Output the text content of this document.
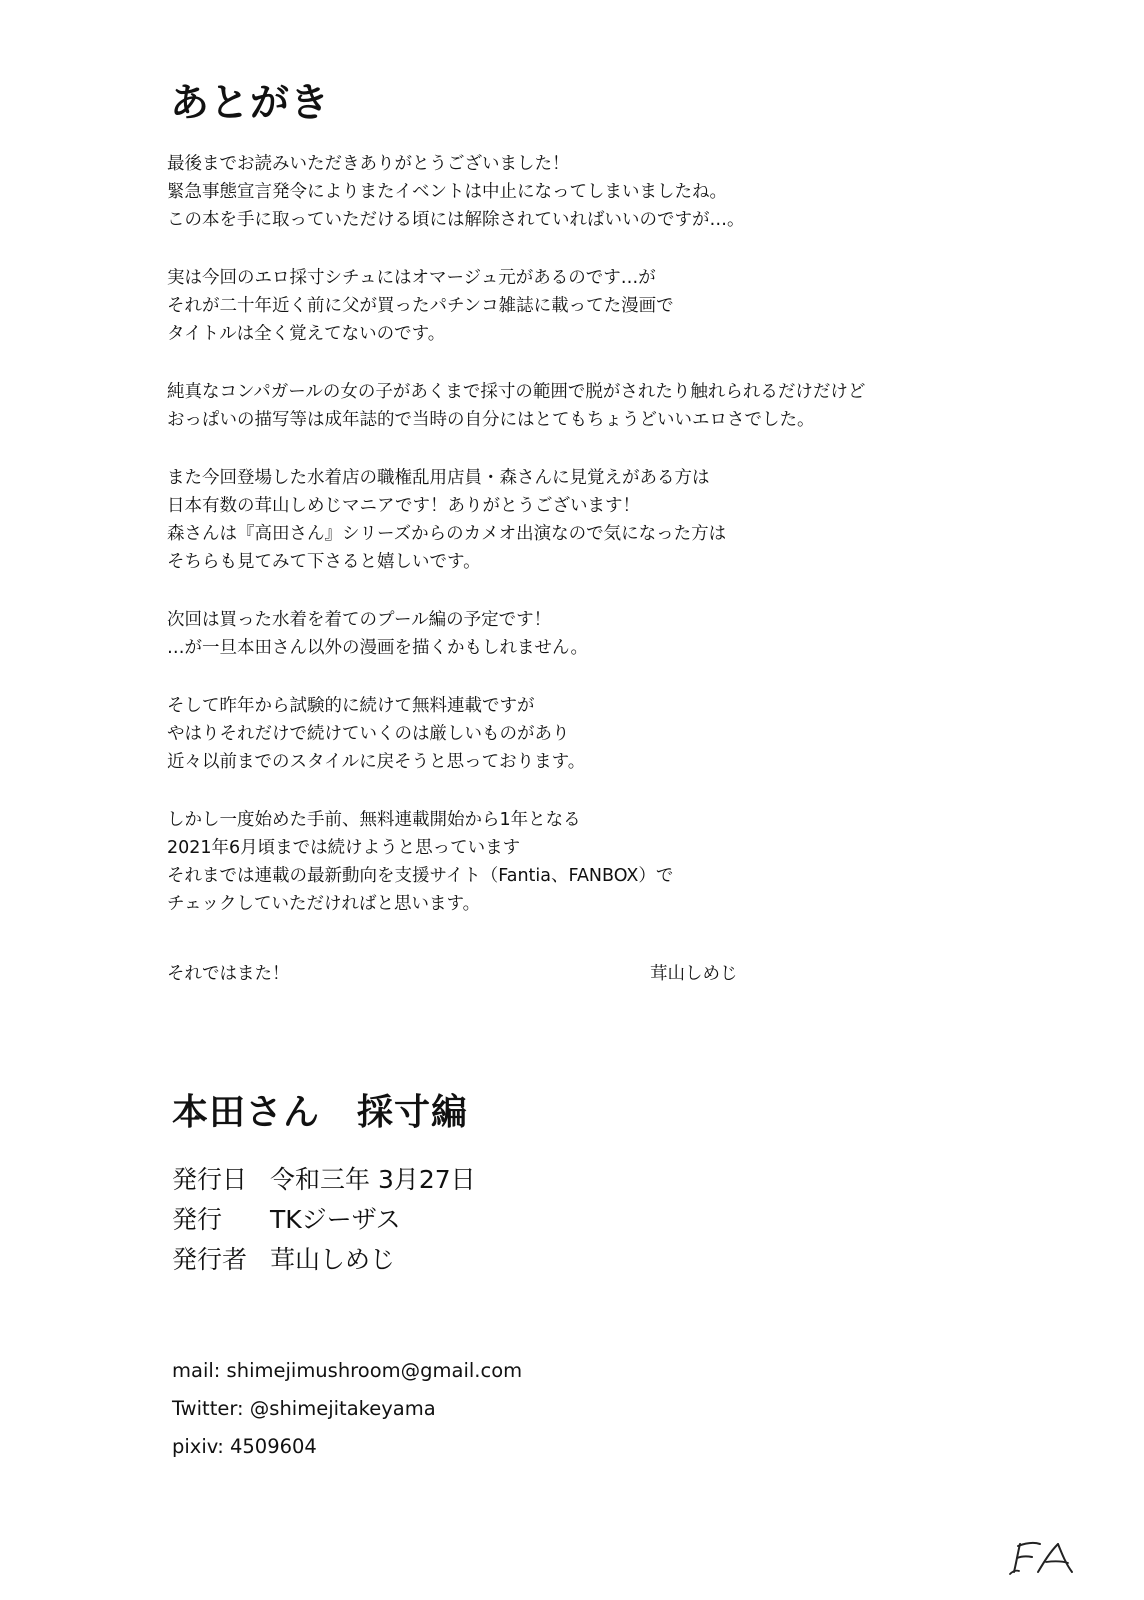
あとがき
最後までお読みいただきありがとうございました！
緊急事態宣言発令によりまたイベントは中止になってしまいましたね。
この本を手に取っていただける頃には解除されていればいいのですが…。
実は今回のエロ採寸シチュにはオマージュ元があるのです…が
それが二十年近く前に父が買ったパチンコ雑誌に載ってた漫画で
タイトルは全く覚えてないのです。
純真なコンパガールの女の子があくまで採寸の範囲で脱がされたり触れられるだけだけど
おっぱいの描写等は成年誌的で当時の自分にはとてもちょうどいいエロさでした。
また今回登場した水着店の職権乱用店員・森さんに見覚えがある方は
日本有数の茸山しめじマニアです！ありがとうございます！
森さんは『高田さん』シリーズからのカメオ出演なので気になった方は
そちらも見てみて下さると嬉しいです。
次回は買った水着を着てのプール編の予定です！
…が一旦本田さん以外の漫画を描くかもしれません。
そして昨年から試験的に続けて無料連載ですが
やはりそれだけで続けていくのは厳しいものがあり
近々以前までのスタイルに戻そうと思っております。
しかし一度始めた手前、無料連載開始から1年となる
2021年6月頃までは続けようと思っています
それまでは連載の最新動向を支援サイト（Fantia、FANBOX）で
チェックしていただければと思います。
それではまた！	茸山しめじ
本田さん　採寸編
発行日 令和三年 3月27日
発行 TKジーザス
発行者 茸山しめじ
mail: shimejimushroom@gmail.com
Twitter: @shimejitakeyama
pixiv: 4509604
